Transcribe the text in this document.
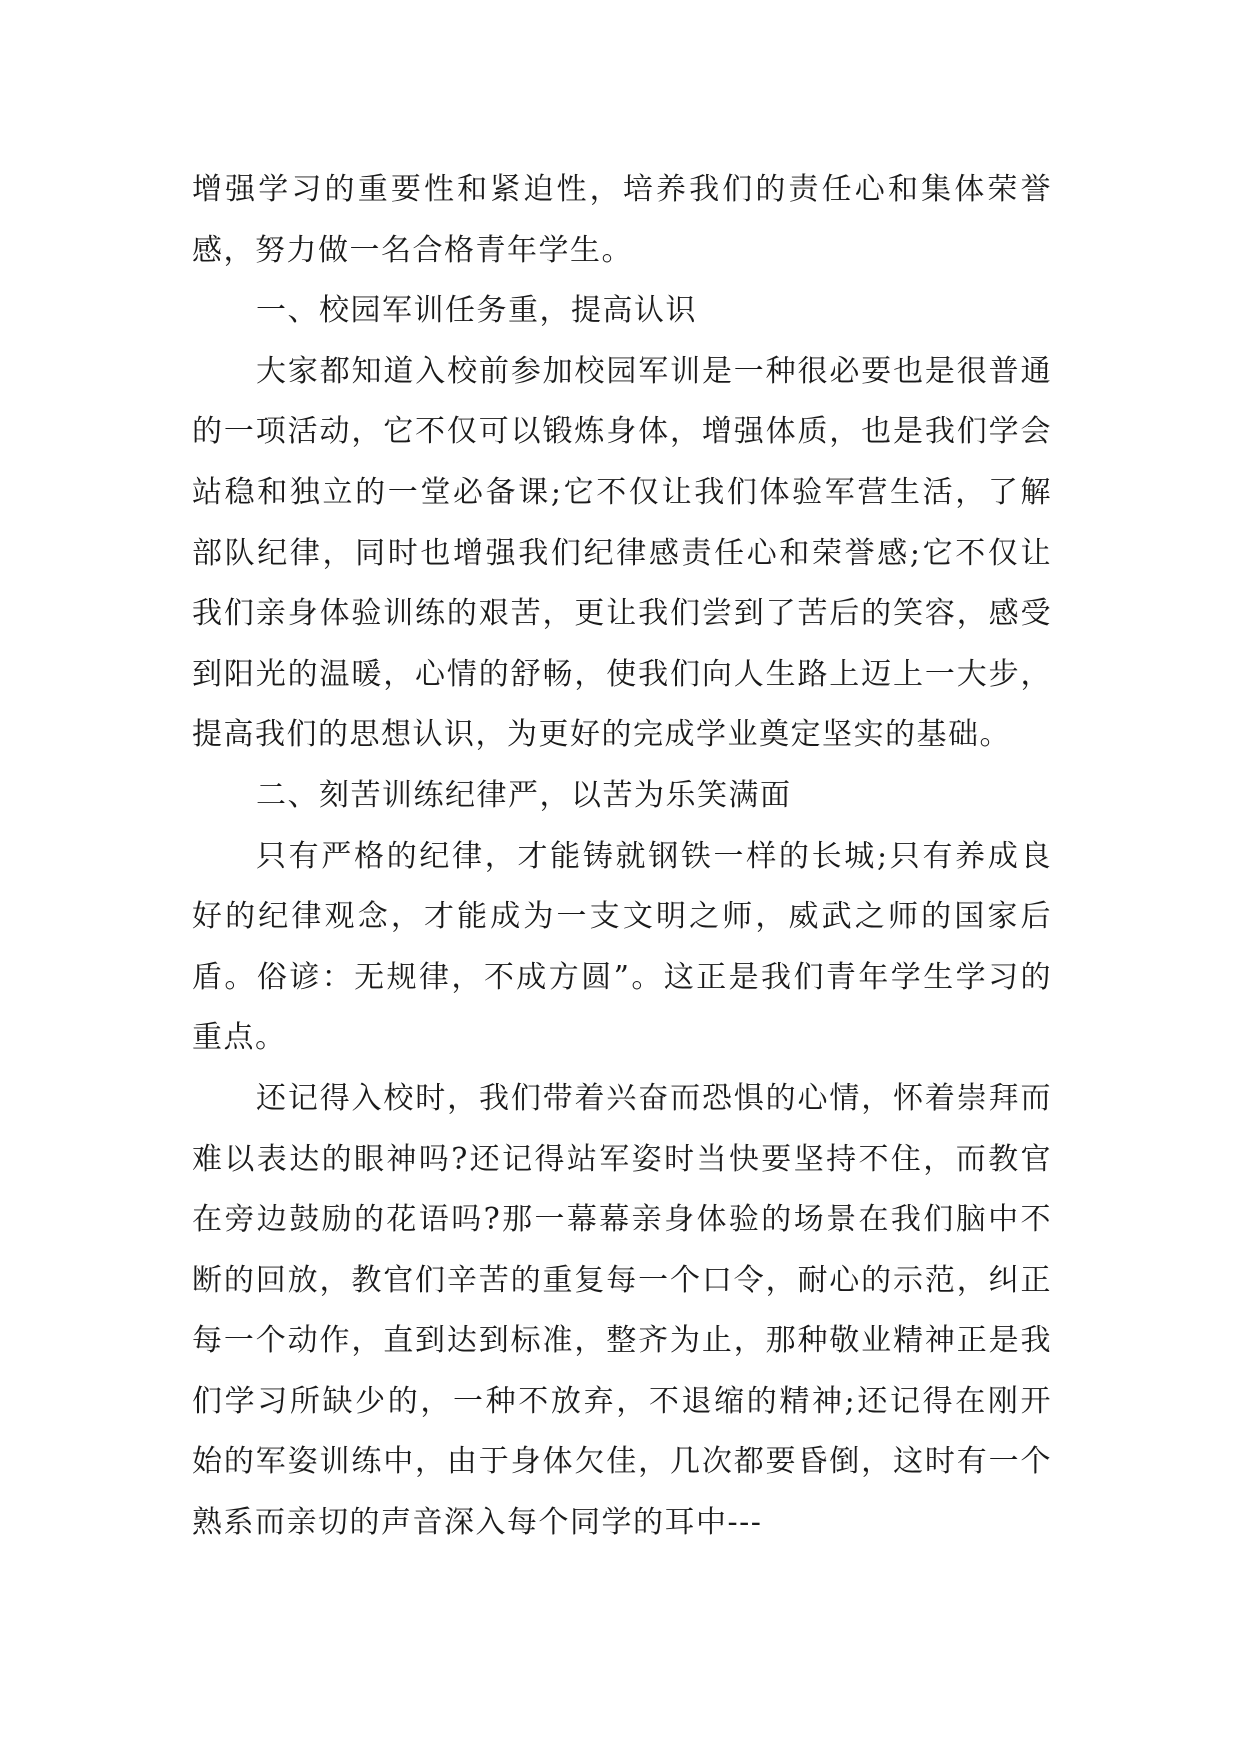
增强学习的重要性和紧迫性，培养我们的责任心和集体荣誉感，努力做一名合格青年学生。

一、校园军训任务重，提高认识

大家都知道入校前参加校园军训是一种很必要也是很普通的一项活动，它不仅可以锻炼身体，增强体质，也是我们学会站稳和独立的一堂必备课;它不仅让我们体验军营生活，了解部队纪律，同时也增强我们纪律感责任心和荣誉感;它不仅让我们亲身体验训练的艰苦，更让我们尝到了苦后的笑容，感受到阳光的温暖，心情的舒畅，使我们向人生路上迈上一大步，提高我们的思想认识，为更好的完成学业奠定坚实的基础。

二、刻苦训练纪律严，以苦为乐笑满面

只有严格的纪律，才能铸就钢铁一样的长城;只有养成良好的纪律观念，才能成为一支文明之师，威武之师的国家后盾。俗谚：无规律，不成方圆”。这正是我们青年学生学习的重点。

还记得入校时，我们带着兴奋而恐惧的心情，怀着崇拜而难以表达的眼神吗?还记得站军姿时当快要坚持不住，而教官在旁边鼓励的花语吗?那一幕幕亲身体验的场景在我们脑中不断的回放，教官们辛苦的重复每一个口令，耐心的示范，纠正每一个动作，直到达到标准，整齐为止，那种敬业精神正是我们学习所缺少的，一种不放弃，不退缩的精神;还记得在刚开始的军姿训练中，由于身体欠佳，几次都要昏倒，这时有一个熟系而亲切的声音深入每个同学的耳中---
